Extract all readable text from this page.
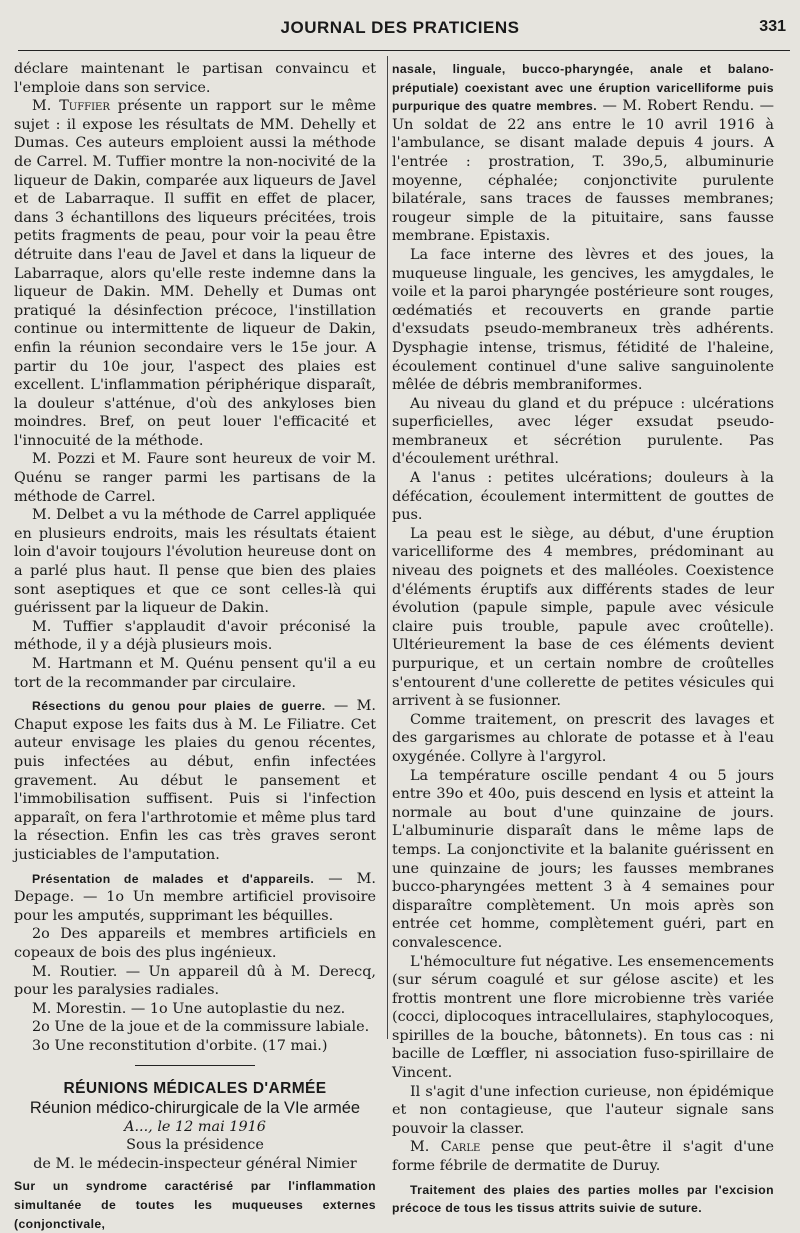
JOURNAL DES PRATICIENS	331

déclare maintenant le partisan convaincu et l'emploie dans son service.

M. Tuffier présente un rapport sur le même sujet : il expose les résultats de MM. Dehelly et Dumas. Ces auteurs emploient aussi la méthode de Carrel. M. Tuffier montre la non-nocivité de la liqueur de Dakin, comparée aux liqueurs de Javel et de Labarraque. Il suffit en effet de placer, dans 3 échantillons des liqueurs précitées, trois petits fragments de peau, pour voir la peau être détruite dans l'eau de Javel et dans la liqueur de Labarraque, alors qu'elle reste indemne dans la liqueur de Dakin. MM. Dehelly et Dumas ont pratiqué la désinfection précoce, l'instillation continue ou intermittente de liqueur de Dakin, enfin la réunion secondaire vers le 15e jour. A partir du 10e jour, l'aspect des plaies est excellent. L'inflammation périphérique disparaît, la douleur s'atténue, d'où des ankyloses bien moindres. Bref, on peut louer l'efficacité et l'innocuité de la méthode.

M. Pozzi et M. Faure sont heureux de voir M. Quénu se ranger parmi les partisans de la méthode de Carrel.

M. Delbet a vu la méthode de Carrel appliquée en plusieurs endroits, mais les résultats étaient loin d'avoir toujours l'évolution heureuse dont on a parlé plus haut. Il pense que bien des plaies sont aseptiques et que ce sont celles-là qui guérissent par la liqueur de Dakin.

M. Tuffier s'applaudit d'avoir préconisé la méthode, il y a déjà plusieurs mois.

M. Hartmann et M. Quénu pensent qu'il a eu tort de la recommander par circulaire.

Résections du genou pour plaies de guerre. — M. Chaput expose les faits dus à M. Le Filiatre. Cet auteur envisage les plaies du genou récentes, puis infectées au début, enfin infectées gravement. Au début le pansement et l'immobilisation suffisent. Puis si l'infection apparaît, on fera l'arthrotomie et même plus tard la résection. Enfin les cas très graves seront justiciables de l'amputation.

Présentation de malades et d'appareils. — M. Depage. — 1o Un membre artificiel provisoire pour les amputés, supprimant les béquilles.

2o Des appareils et membres artificiels en copeaux de bois des plus ingénieux.

M. Routier. — Un appareil dû à M. Derecq, pour les paralysies radiales.

M. Morestin. — 1o Une autoplastie du nez.

2o Une de la joue et de la commissure labiale.

3o Une reconstitution d'orbite. (17 mai.)

RÉUNIONS MÉDICALES D'ARMÉE

Réunion médico-chirurgicale de la VIe armée

A..., le 12 mai 1916

Sous la présidence

de M. le médecin-inspecteur général Nimier

Sur un syndrome caractérisé par l'inflammation simultanée de toutes les muqueuses externes (conjonctivale,

nasale, linguale, bucco-pharyngée, anale et balano-préputiale) coexistant avec une éruption varicelliforme puis purpurique des quatre membres. — M. Robert Rendu. — Un soldat de 22 ans entre le 10 avril 1916 à l'ambulance, se disant malade depuis 4 jours. A l'entrée : prostration, T. 39o,5, albuminurie moyenne, céphalée; conjonctivite purulente bilatérale, sans traces de fausses membranes; rougeur simple de la pituitaire, sans fausse membrane. Epistaxis.

La face interne des lèvres et des joues, la muqueuse linguale, les gencives, les amygdales, le voile et la paroi pharyngée postérieure sont rouges, œdématiés et recouverts en grande partie d'exsudats pseudo-membraneux très adhérents. Dysphagie intense, trismus, fétidité de l'haleine, écoulement continuel d'une salive sanguinolente mêlée de débris membraniformes.

Au niveau du gland et du prépuce : ulcérations superficielles, avec léger exsudat pseudo-membraneux et sécrétion purulente. Pas d'écoulement uréthral.

A l'anus : petites ulcérations; douleurs à la défécation, écoulement intermittent de gouttes de pus.

La peau est le siège, au début, d'une éruption varicelliforme des 4 membres, prédominant au niveau des poignets et des malléoles. Coexistence d'éléments éruptifs aux différents stades de leur évolution (papule simple, papule avec vésicule claire puis trouble, papule avec croûtelle). Ultérieurement la base de ces éléments devient purpurique, et un certain nombre de croûtelles s'entourent d'une collerette de petites vésicules qui arrivent à se fusionner.

Comme traitement, on prescrit des lavages et des gargarismes au chlorate de potasse et à l'eau oxygénée. Collyre à l'argyrol.

La température oscille pendant 4 ou 5 jours entre 39o et 40o, puis descend en lysis et atteint la normale au bout d'une quinzaine de jours. L'albuminurie disparaît dans le même laps de temps. La conjonctivite et la balanite guérissent en une quinzaine de jours; les fausses membranes bucco-pharyngées mettent 3 à 4 semaines pour disparaître complètement. Un mois après son entrée cet homme, complètement guéri, part en convalescence.

L'hémoculture fut négative. Les ensemencements (sur sérum coagulé et sur gélose ascite) et les frottis montrent une flore microbienne très variée (cocci, diplocoques intracellulaires, staphylocoques, spirilles de la bouche, bâtonnets). En tous cas : ni bacille de Lœffler, ni association fuso-spirillaire de Vincent.

Il s'agit d'une infection curieuse, non épidémique et non contagieuse, que l'auteur signale sans pouvoir la classer.

M. Carle pense que peut-être il s'agit d'une forme fébrile de dermatite de Duruy.

Traitement des plaies des parties molles par l'excision précoce de tous les tissus attrits suivie de suture.
